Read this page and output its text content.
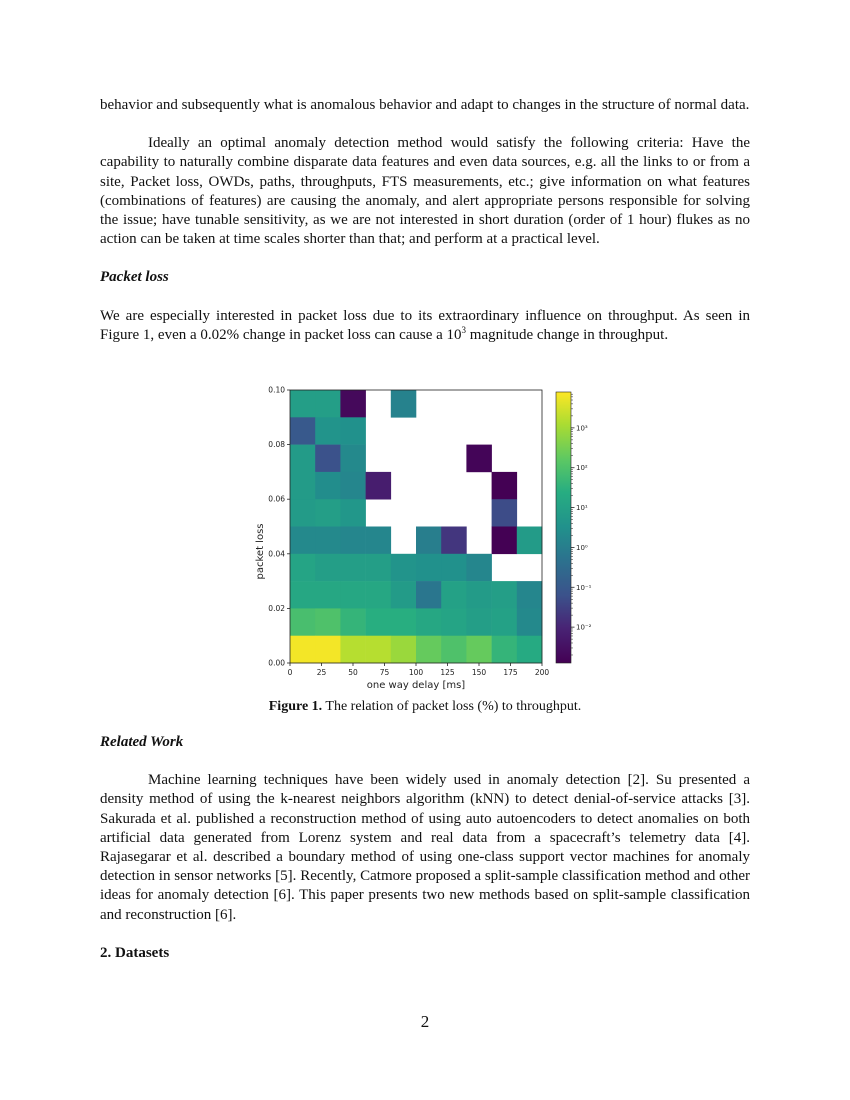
behavior and subsequently what is anomalous behavior and adapt to changes in the structure of normal data.

Ideally an optimal anomaly detection method would satisfy the following criteria: Have the capability to naturally combine disparate data features and even data sources, e.g. all the links to or from a site, Packet loss, OWDs, paths, throughputs, FTS measurements, etc.; give information on what features (combinations of features) are causing the anomaly, and alert appropriate persons responsible for solving the issue; have tunable sensitivity, as we are not interested in short duration (order of 1 hour) flukes as no action can be taken at time scales shorter than that; and perform at a practical level.

Packet loss

We are especially interested in packet loss due to its extraordinary influence on throughput. As seen in Figure 1, even a 0.02% change in packet loss can cause a $10^3$ magnitude change in throughput.

0	25	50	75	100 125 150 175 200
0.00
0.02
0.04
0.06
0.08
0.10
one way delay [ms]
packet loss
10⁻²
10⁻¹
10⁰
10¹
10²
10³
Figure 1. The relation of packet loss (%) to throughput.

Related Work

Machine learning techniques have been widely used in anomaly detection [2]. Su presented a density method of using the k-nearest neighbors algorithm (kNN) to detect denial-of-service attacks [3]. Sakurada et al. published a reconstruction method of using auto autoencoders to detect anomalies on both artificial data generated from Lorenz system and real data from a spacecraft’s telemetry data [4]. Rajasegarar et al. described a boundary method of using one-class support vector machines for anomaly detection in sensor networks [5]. Recently, Catmore proposed a split-sample classification method and other ideas for anomaly detection [6]. This paper presents two new methods based on split-sample classification and reconstruction [6].

2. Datasets

2
